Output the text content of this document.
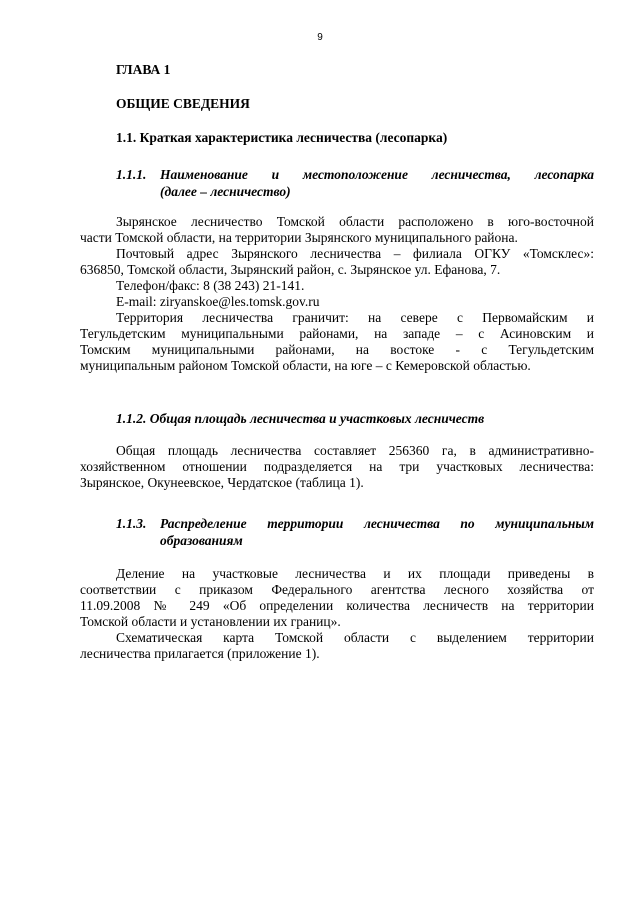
9
ГЛАВА 1
ОБЩИЕ СВЕДЕНИЯ
1.1. Краткая характеристика лесничества (лесопарка)
1.1.1.	Наименование и местоположение лесничества, лесопарка
(далее – лесничество)
Зырянское лесничество Томской области расположено в юго-восточной
части Томской области, на территории Зырянского муниципального района.
Почтовый адрес Зырянского лесничества – филиала ОГКУ «Томсклес»:
636850, Томской области, Зырянский район, с. Зырянское ул. Ефанова, 7.
Телефон/факс: 8 (38 243) 21-141.
E-mail: ziryanskoe@les.tomsk.gov.ru
Территория лесничества граничит: на севере с Первомайским и
Тегульдетским муниципальными районами, на западе – с Асиновским и
Томским муниципальными районами, на востоке - с Тегульдетским
муниципальным районом Томской области, на юге – с Кемеровской областью.
1.1.2. Общая площадь лесничества и участковых лесничеств
Общая площадь лесничества составляет 256360 га, в административно-
хозяйственном отношении подразделяется на три участковых лесничества:
Зырянское, Окунеевское, Чердатское (таблица 1).
1.1.3.	Распределение территории лесничества по муниципальным
образованиям
Деление на участковые лесничества и их площади приведены в
соответствии с приказом Федерального агентства лесного хозяйства от
11.09.2008 № 249 «Об определении количества лесничеств на территории
Томской области и установлении их границ».
Схематическая карта Томской области с выделением территории
лесничества прилагается (приложение 1).
